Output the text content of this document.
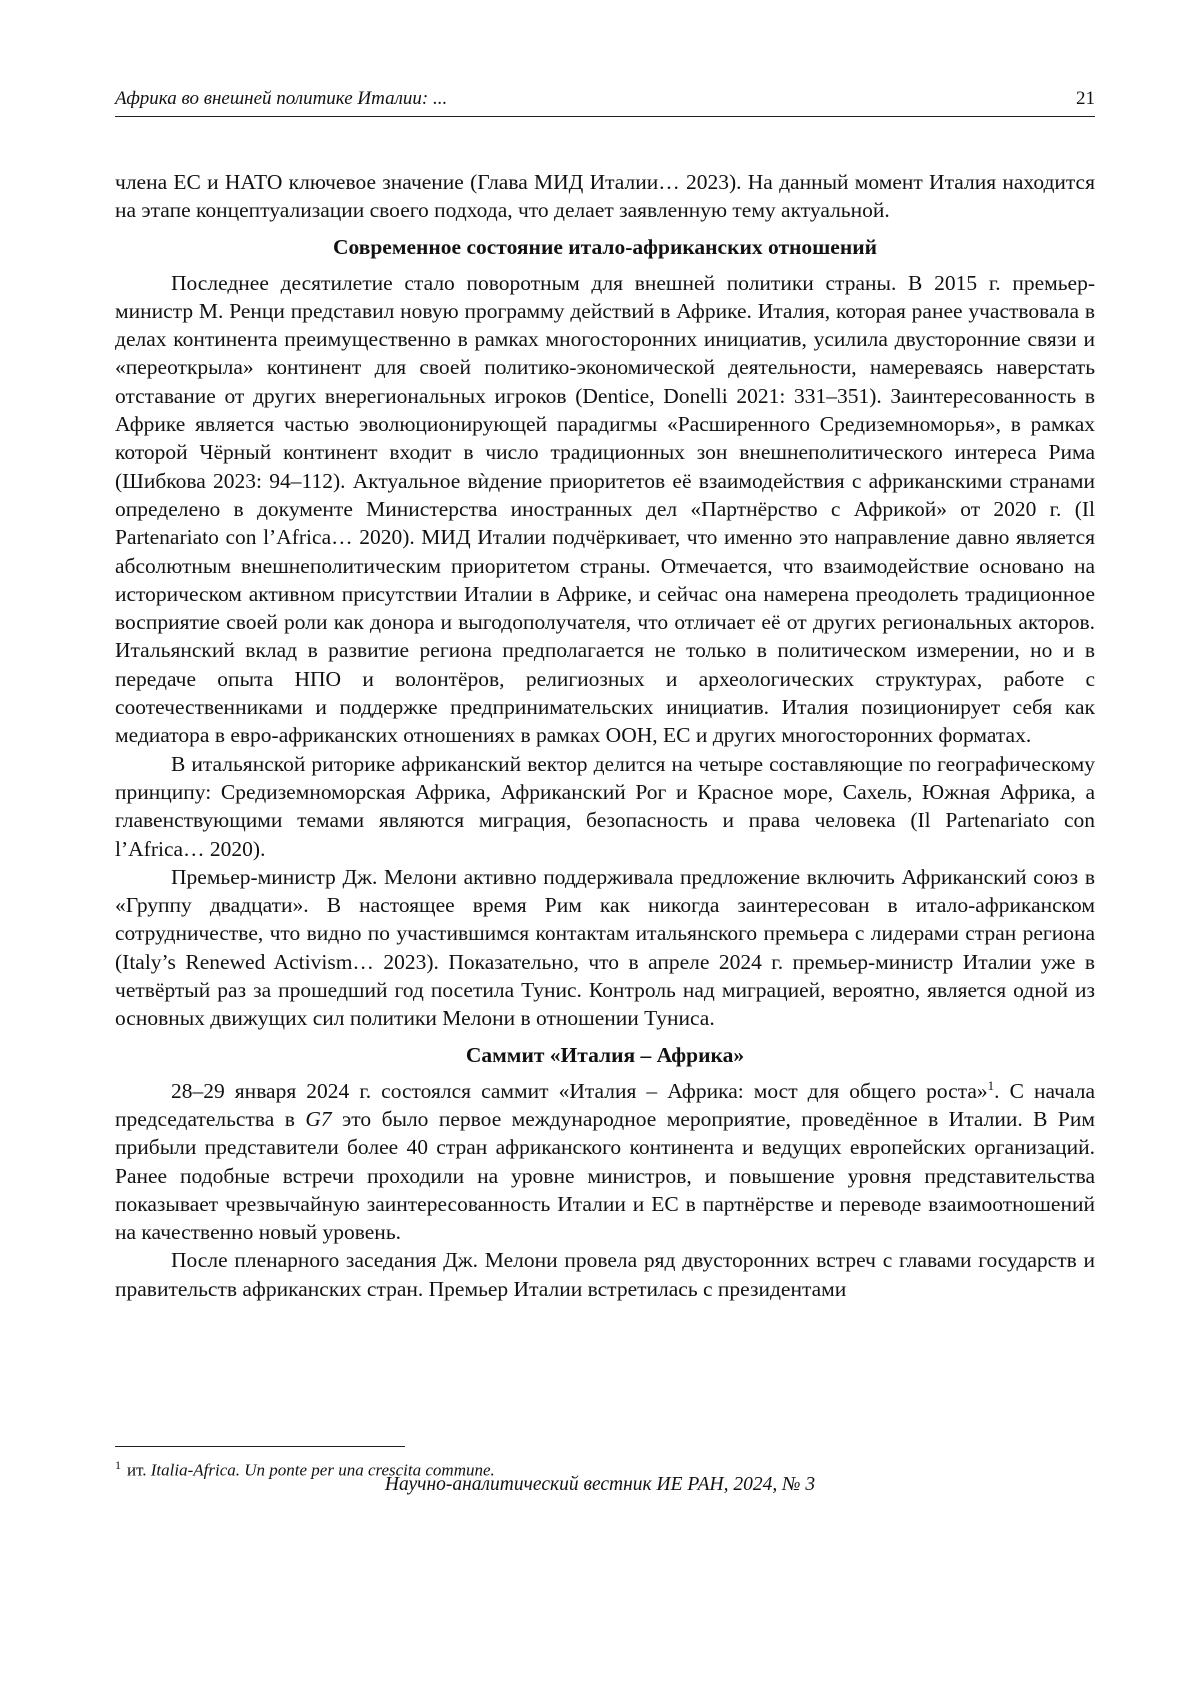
Африка во внешней политике Италии: ...	21

члена ЕС и НАТО ключевое значение (Глава МИД Италии… 2023). На данный момент Италия находится на этапе концептуализации своего подхода, что делает заявленную тему актуальной.

Современное состояние итало-африканских отношений

Последнее десятилетие стало поворотным для внешней политики страны. В 2015 г. премьер-министр М. Ренци представил новую программу действий в Африке. Италия, которая ранее участвовала в делах континента преимущественно в рамках многосторонних инициатив, усилила двусторонние связи и «переоткрыла» континент для своей политико-экономической деятельности, намереваясь наверстать отставание от других внерегиональных игроков (Dentice, Donelli 2021: 331–351). Заинтересованность в Африке является частью эволюционирующей парадигмы «Расширенного Средиземноморья», в рамках которой Чёрный континент входит в число традиционных зон внешнеполитического интереса Рима (Шибкова 2023: 94–112). Актуальное вѝдение приоритетов её взаимодействия с африканскими странами определено в документе Министерства иностранных дел «Партнёрство с Африкой» от 2020 г. (Il Partenariato con l’Africa… 2020). МИД Италии подчёркивает, что именно это направление давно является абсолютным внешнеполитическим приоритетом страны. Отмечается, что взаимодействие основано на историческом активном присутствии Италии в Африке, и сейчас она намерена преодолеть традиционное восприятие своей роли как донора и выгодополучателя, что отличает её от других региональных акторов. Итальянский вклад в развитие региона предполагается не только в политическом измерении, но и в передаче опыта НПО и волонтёров, религиозных и археологических структурах, работе с соотечественниками и поддержке предпринимательских инициатив. Италия позиционирует себя как медиатора в евро-африканских отношениях в рамках ООН, ЕС и других многосторонних форматах.

В итальянской риторике африканский вектор делится на четыре составляющие по географическому принципу: Средиземноморская Африка, Африканский Рог и Красное море, Сахель, Южная Африка, а главенствующими темами являются миграция, безопасность и права человека (Il Partenariato con l’Africa… 2020).

Премьер-министр Дж. Мелони активно поддерживала предложение включить Африканский союз в «Группу двадцати». В настоящее время Рим как никогда заинтересован в итало-африканском сотрудничестве, что видно по участившимся контактам итальянского премьера с лидерами стран региона (Italy’s Renewed Activism… 2023). Показательно, что в апреле 2024 г. премьер-министр Италии уже в четвёртый раз за прошедший год посетила Тунис. Контроль над миграцией, вероятно, является одной из основных движущих сил политики Мелони в отношении Туниса.

Саммит «Италия – Африка»

28–29 января 2024 г. состоялся саммит «Италия – Африка: мост для общего роста»$^1$. С начала председательства в G7 это было первое международное мероприятие, проведённое в Италии. В Рим прибыли представители более 40 стран африканского континента и ведущих европейских организаций. Ранее подобные встречи проходили на уровне министров, и повышение уровня представительства показывает чрезвычайную заинтересованность Италии и ЕС в партнёрстве и переводе взаимоотношений на качественно новый уровень.

После пленарного заседания Дж. Мелони провела ряд двусторонних встреч с главами государств и правительств африканских стран. Премьер Италии встретилась с президентами

$^1$ ит. Italia-Africa. Un ponte per una crescita commune.
Научно-аналитический вестник ИЕ РАН, 2024, № 3
